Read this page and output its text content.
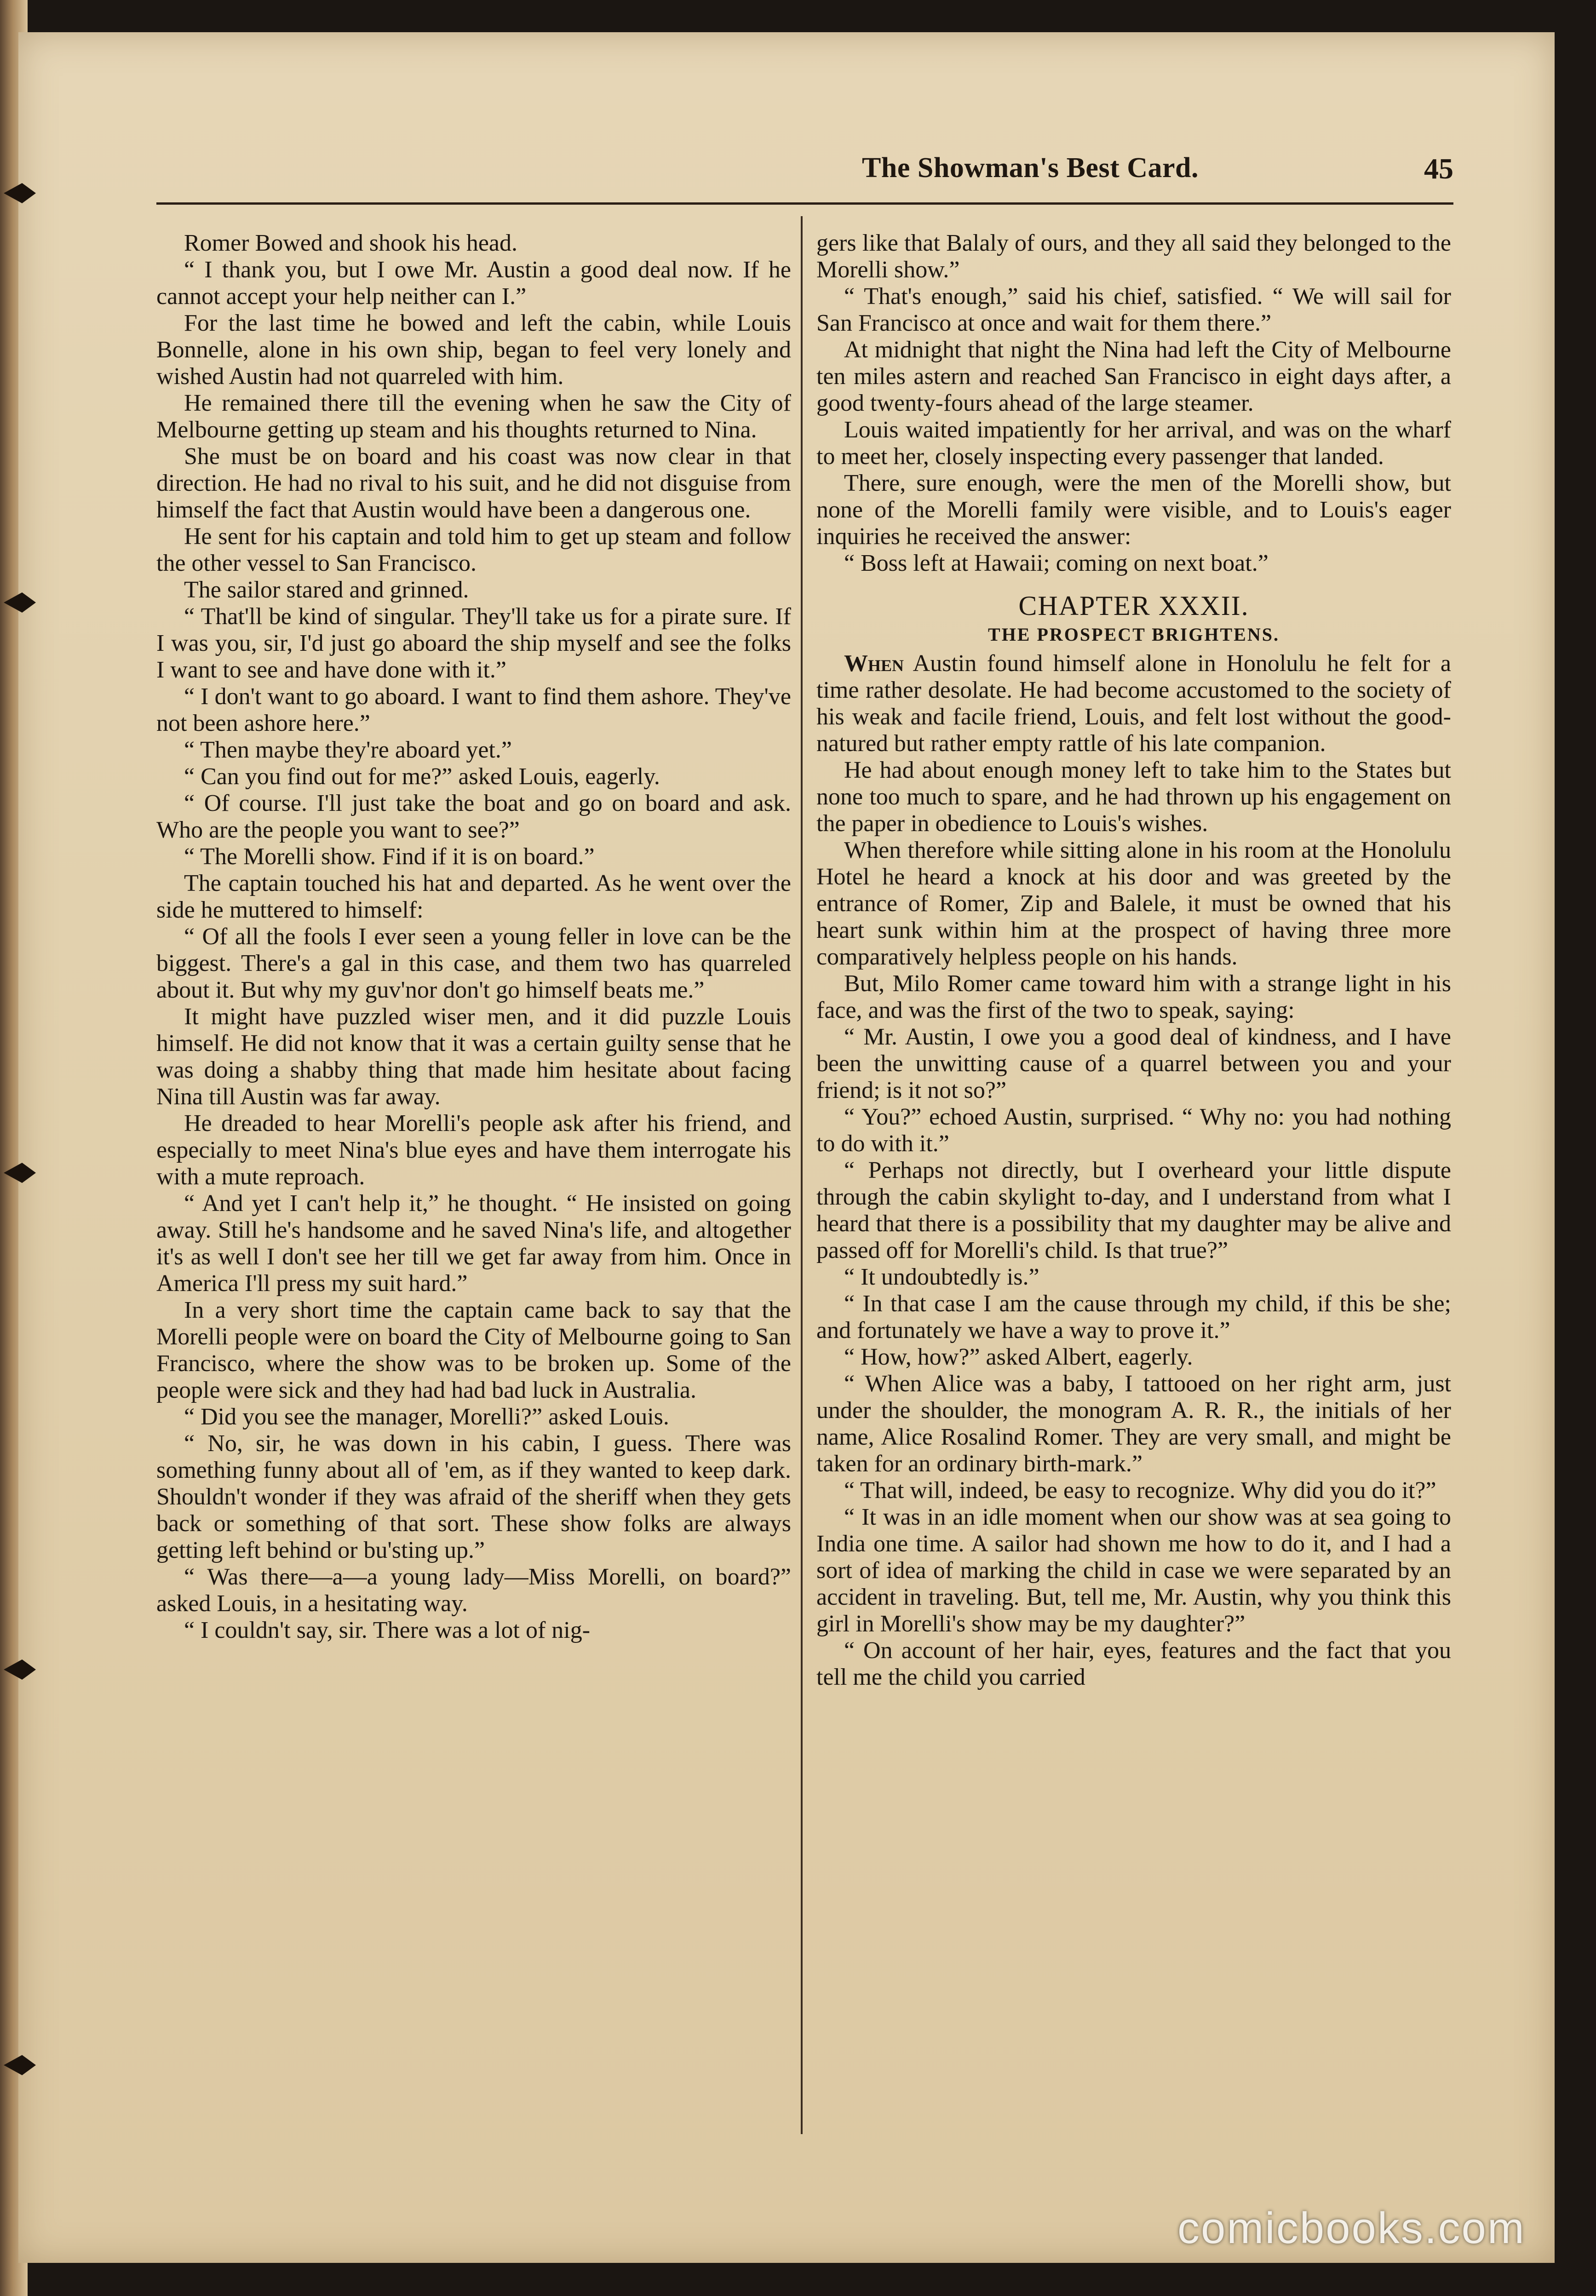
The Showman's Best Card.	45

Romer Bowed and shook his head.

“ I thank you, but I owe Mr. Austin a good deal now. If he cannot accept your help neither can I.”

For the last time he bowed and left the cabin, while Louis Bonnelle, alone in his own ship, began to feel very lonely and wished Austin had not quarreled with him.

He remained there till the evening when he saw the City of Melbourne getting up steam and his thoughts returned to Nina.

She must be on board and his coast was now clear in that direction. He had no rival to his suit, and he did not disguise from himself the fact that Austin would have been a dangerous one.

He sent for his captain and told him to get up steam and follow the other vessel to San Francisco.

The sailor stared and grinned.

“ That'll be kind of singular. They'll take us for a pirate sure. If I was you, sir, I'd just go aboard the ship myself and see the folks I want to see and have done with it.”

“ I don't want to go aboard. I want to find them ashore. They've not been ashore here.”

“ Then maybe they're aboard yet.”

“ Can you find out for me?” asked Louis, eagerly.

“ Of course. I'll just take the boat and go on board and ask. Who are the people you want to see?”

“ The Morelli show. Find if it is on board.”

The captain touched his hat and departed. As he went over the side he muttered to himself:

“ Of all the fools I ever seen a young feller in love can be the biggest. There's a gal in this case, and them two has quarreled about it. But why my guv'nor don't go himself beats me.”

It might have puzzled wiser men, and it did puzzle Louis himself. He did not know that it was a certain guilty sense that he was doing a shabby thing that made him hesitate about facing Nina till Austin was far away.

He dreaded to hear Morelli's people ask after his friend, and especially to meet Nina's blue eyes and have them interrogate his with a mute reproach.

“ And yet I can't help it,” he thought. “ He insisted on going away. Still he's handsome and he saved Nina's life, and altogether it's as well I don't see her till we get far away from him. Once in America I'll press my suit hard.”

In a very short time the captain came back to say that the Morelli people were on board the City of Melbourne going to San Francisco, where the show was to be broken up. Some of the people were sick and they had had bad luck in Australia.

“ Did you see the manager, Morelli?” asked Louis.

“ No, sir, he was down in his cabin, I guess. There was something funny about all of 'em, as if they wanted to keep dark. Shouldn't wonder if they was afraid of the sheriff when they gets back or something of that sort. These show folks are always getting left behind or bu'sting up.”

“ Was there—a—a young lady—Miss Morelli, on board?” asked Louis, in a hesitating way.

“ I couldn't say, sir. There was a lot of nig-

gers like that Balaly of ours, and they all said they belonged to the Morelli show.”

“ That's enough,” said his chief, satisfied. “ We will sail for San Francisco at once and wait for them there.”

At midnight that night the Nina had left the City of Melbourne ten miles astern and reached San Francisco in eight days after, a good twenty-fours ahead of the large steamer.

Louis waited impatiently for her arrival, and was on the wharf to meet her, closely inspecting every passenger that landed.

There, sure enough, were the men of the Morelli show, but none of the Morelli family were visible, and to Louis's eager inquiries he received the answer:

“ Boss left at Hawaii; coming on next boat.”

CHAPTER XXXII.
THE PROSPECT BRIGHTENS.

When Austin found himself alone in Honolulu he felt for a time rather desolate. He had become accustomed to the society of his weak and facile friend, Louis, and felt lost without the good-natured but rather empty rattle of his late companion.

He had about enough money left to take him to the States but none too much to spare, and he had thrown up his engagement on the paper in obedience to Louis's wishes.

When therefore while sitting alone in his room at the Honolulu Hotel he heard a knock at his door and was greeted by the entrance of Romer, Zip and Balele, it must be owned that his heart sunk within him at the prospect of having three more comparatively helpless people on his hands.

But, Milo Romer came toward him with a strange light in his face, and was the first of the two to speak, saying:

“ Mr. Austin, I owe you a good deal of kindness, and I have been the unwitting cause of a quarrel between you and your friend; is it not so?”

“ You?” echoed Austin, surprised. “ Why no: you had nothing to do with it.”

“ Perhaps not directly, but I overheard your little dispute through the cabin skylight to-day, and I understand from what I heard that there is a possibility that my daughter may be alive and passed off for Morelli's child. Is that true?”

“ It undoubtedly is.”

“ In that case I am the cause through my child, if this be she; and fortunately we have a way to prove it.”

“ How, how?” asked Albert, eagerly.

“ When Alice was a baby, I tattooed on her right arm, just under the shoulder, the monogram A. R. R., the initials of her name, Alice Rosalind Romer. They are very small, and might be taken for an ordinary birth-mark.”

“ That will, indeed, be easy to recognize. Why did you do it?”

“ It was in an idle moment when our show was at sea going to India one time. A sailor had shown me how to do it, and I had a sort of idea of marking the child in case we were separated by an accident in traveling. But, tell me, Mr. Austin, why you think this girl in Morelli's show may be my daughter?”

“ On account of her hair, eyes, features and the fact that you tell me the child you carried

comicbooks.com
